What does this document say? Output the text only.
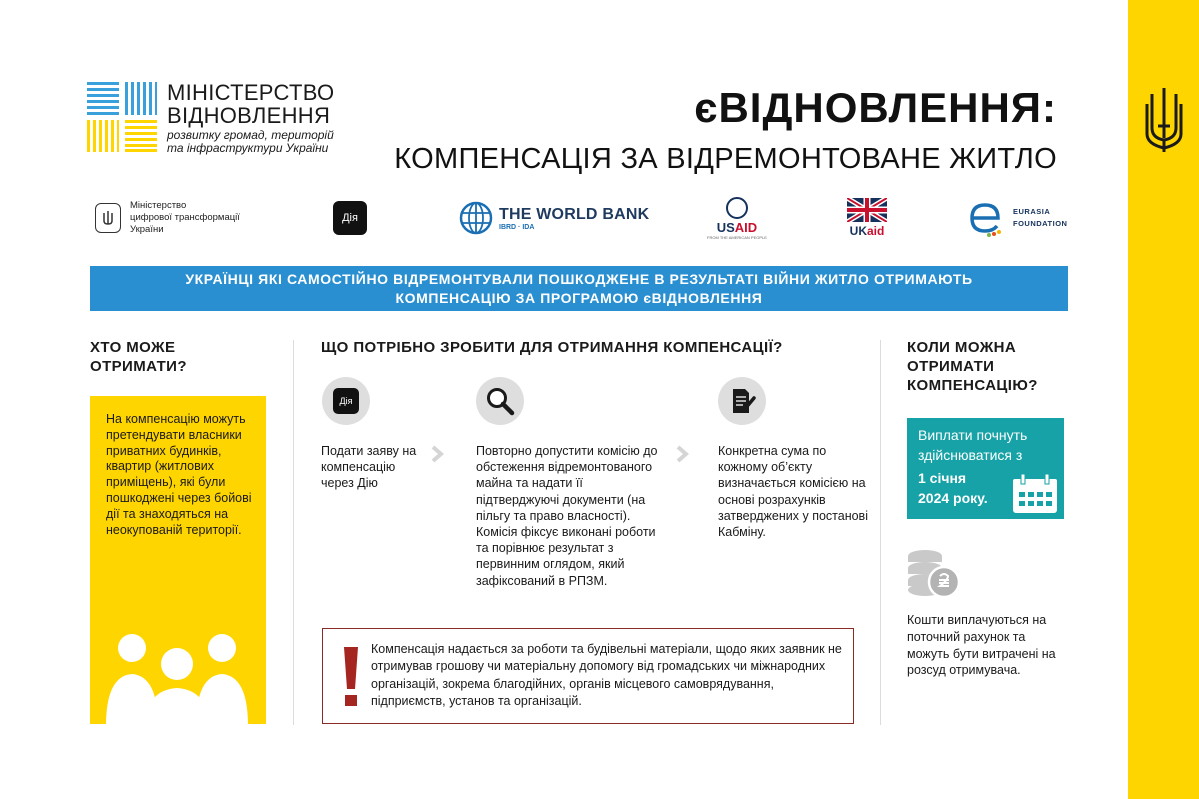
МІНІСТЕРСТВО
ВІДНОВЛЕННЯ
розвитку громад, територій
та інфраструктури України
єВІДНОВЛЕННЯ:
КОМПЕНСАЦІЯ ЗА ВІДРЕМОНТОВАНЕ ЖИТЛО
Міністерство
цифрової трансформації
України
Дія	THE WORLD BANK
IBRD · IDA	USAID
FROM THE AMERICAN PEOPLE	UKaid
EURASIA
FOUNDATION
УКРАЇНЦІ ЯКІ САМОСТІЙНО ВІДРЕМОНТУВАЛИ ПОШКОДЖЕНЕ В РЕЗУЛЬТАТІ ВІЙНИ ЖИТЛО ОТРИМАЮТЬ
КОМПЕНСАЦІЮ ЗА ПРОГРАМОЮ єВІДНОВЛЕННЯ
ХТО МОЖЕ ОТРИМАТИ?
ЩО ПОТРІБНО ЗРОБИТИ ДЛЯ ОТРИМАННЯ КОМПЕНСАЦІЇ?	КОЛИ МОЖНА ОТРИМАТИ КОМПЕНСАЦІЮ?
На компенсацію можуть претендувати власники приватних будинків, квартир (житлових приміщень), які були пошкоджені через бойові дії та знаходяться на неокупованій території.
Дія
Подати заяву на компенсацію через Дію
Повторно допустити комісію до обстеження відремонтованого майна та надати її підтверджуючі документи (на пільгу та право власності). Комісія фіксує виконані роботи та порівнює результат з первинним оглядом, який зафіксований в РПЗМ.
Конкретна сума по кожному об’єкту визначається комісією на основі розрахунків затверджених у постанові Кабміну.
Компенсація надається за роботи та будівельні матеріали, щодо яких заявник не отримував грошову чи матеріальну допомогу від громадських чи міжнародних організацій, зокрема благодійних, органів місцевого самоврядування, підприємств, установ та організацій.
Виплати почнуть здійснюватися з
1 січня
2024 року.
Кошти виплачуються на поточний рахунок та можуть бути витрачені на розсуд отримувача.
